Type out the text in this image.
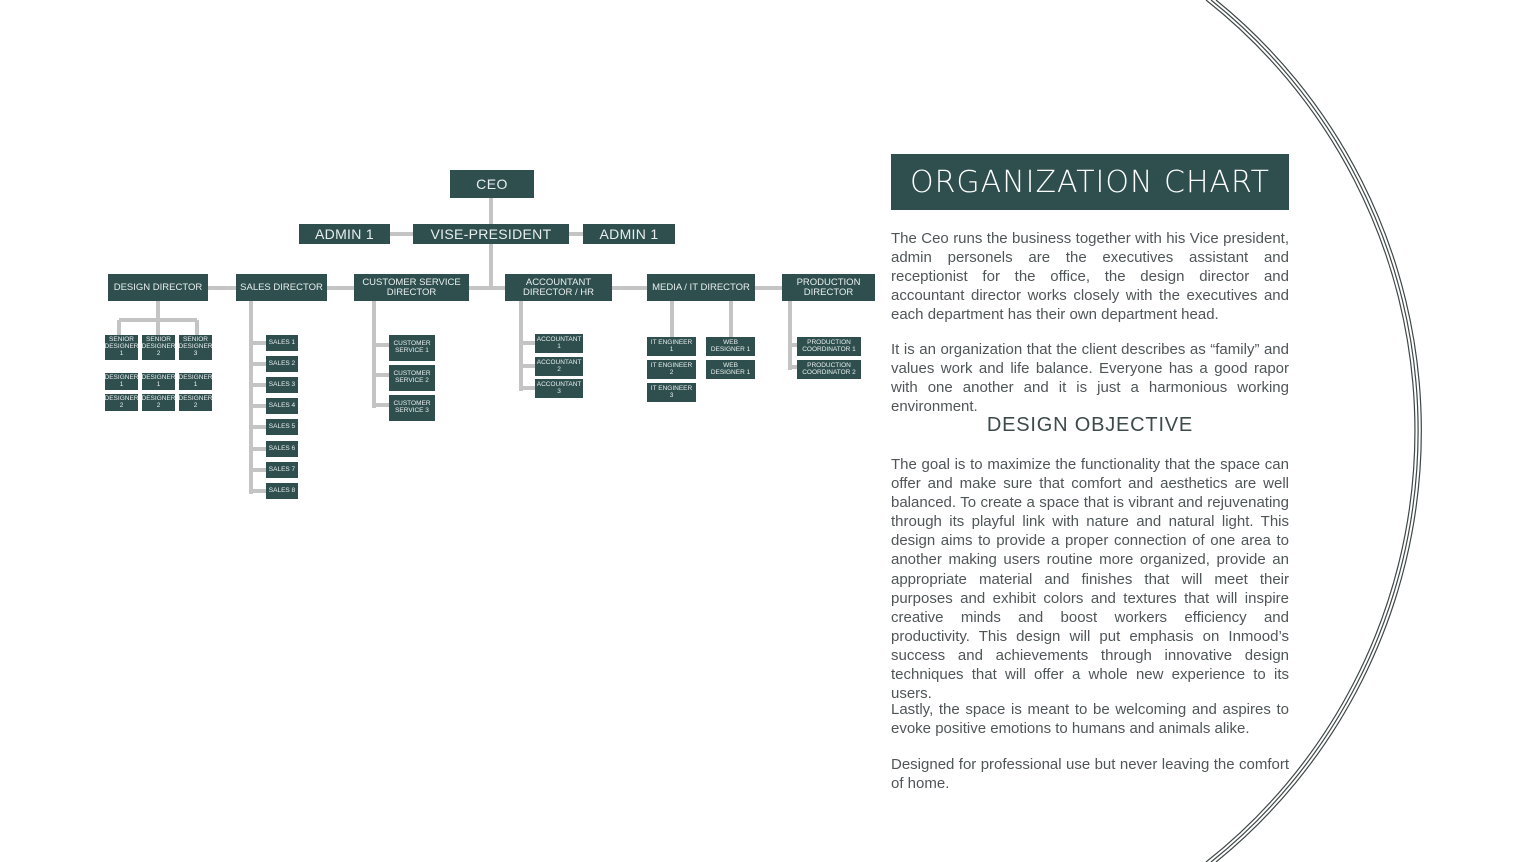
CEO
ADMIN 1	VISE-PRESIDENT	ADMIN 1
DESIGN DIRECTOR	SALES DIRECTOR	CUSTOMER SERVICE DIRECTOR
ACCOUNTANT DIRECTOR / HR	MEDIA / IT DIRECTOR	PRODUCTION DIRECTOR
SENIOR DESIGNER 1
SENIOR DESIGNER 2
SENIOR DESIGNER 3
DESIGNER 1
DESIGNER 1
DESIGNER 1
DESIGNER 2
DESIGNER 2
DESIGNER 2
SALES 1
SALES 2
SALES 3
SALES 4
SALES 5
SALES 6
SALES 7
SALES 8
CUSTOMER SERVICE 1
CUSTOMER SERVICE 2
CUSTOMER SERVICE 3
ACCOUNTANT 1
ACCOUNTANT 2
ACCOUNTANT 3
IT ENGINEER 1
IT ENGINEER 2
IT ENGINEER 3
WEB DESIGNER 1
WEB DESIGNER 1
PRODUCTION COORDINATOR 1
PRODUCTION COORDINATOR 2
ORGANIZATION CHART

The Ceo runs the business together with his Vice president, admin personels are the executives assistant and receptionist for the office, the design director and accountant director works closely with the executives and each department has their own department head.

It is an organization that the client describes as “family” and values work and life balance. Everyone has a good rapor with one another and it is just a harmonious working environment.

DESIGN OBJECTIVE

The goal is to maximize the functionality that the space can offer and make sure that comfort and aesthetics are well balanced. To create a space that is vibrant and rejuvenating through its playful link with nature and natural light. This design aims to provide a proper connection of one area to another making users routine more organized, provide an appropriate material and finishes that will meet their purposes and exhibit colors and textures that will inspire creative minds and boost workers efficiency and productivity. This design will put emphasis on Inmood’s success and achievements through innovative design techniques that will offer a whole new experience to its users.

Lastly, the space is meant to be welcoming and aspires to evoke positive emotions to humans and animals alike.

Designed for professional use but never leaving the comfort of home.
